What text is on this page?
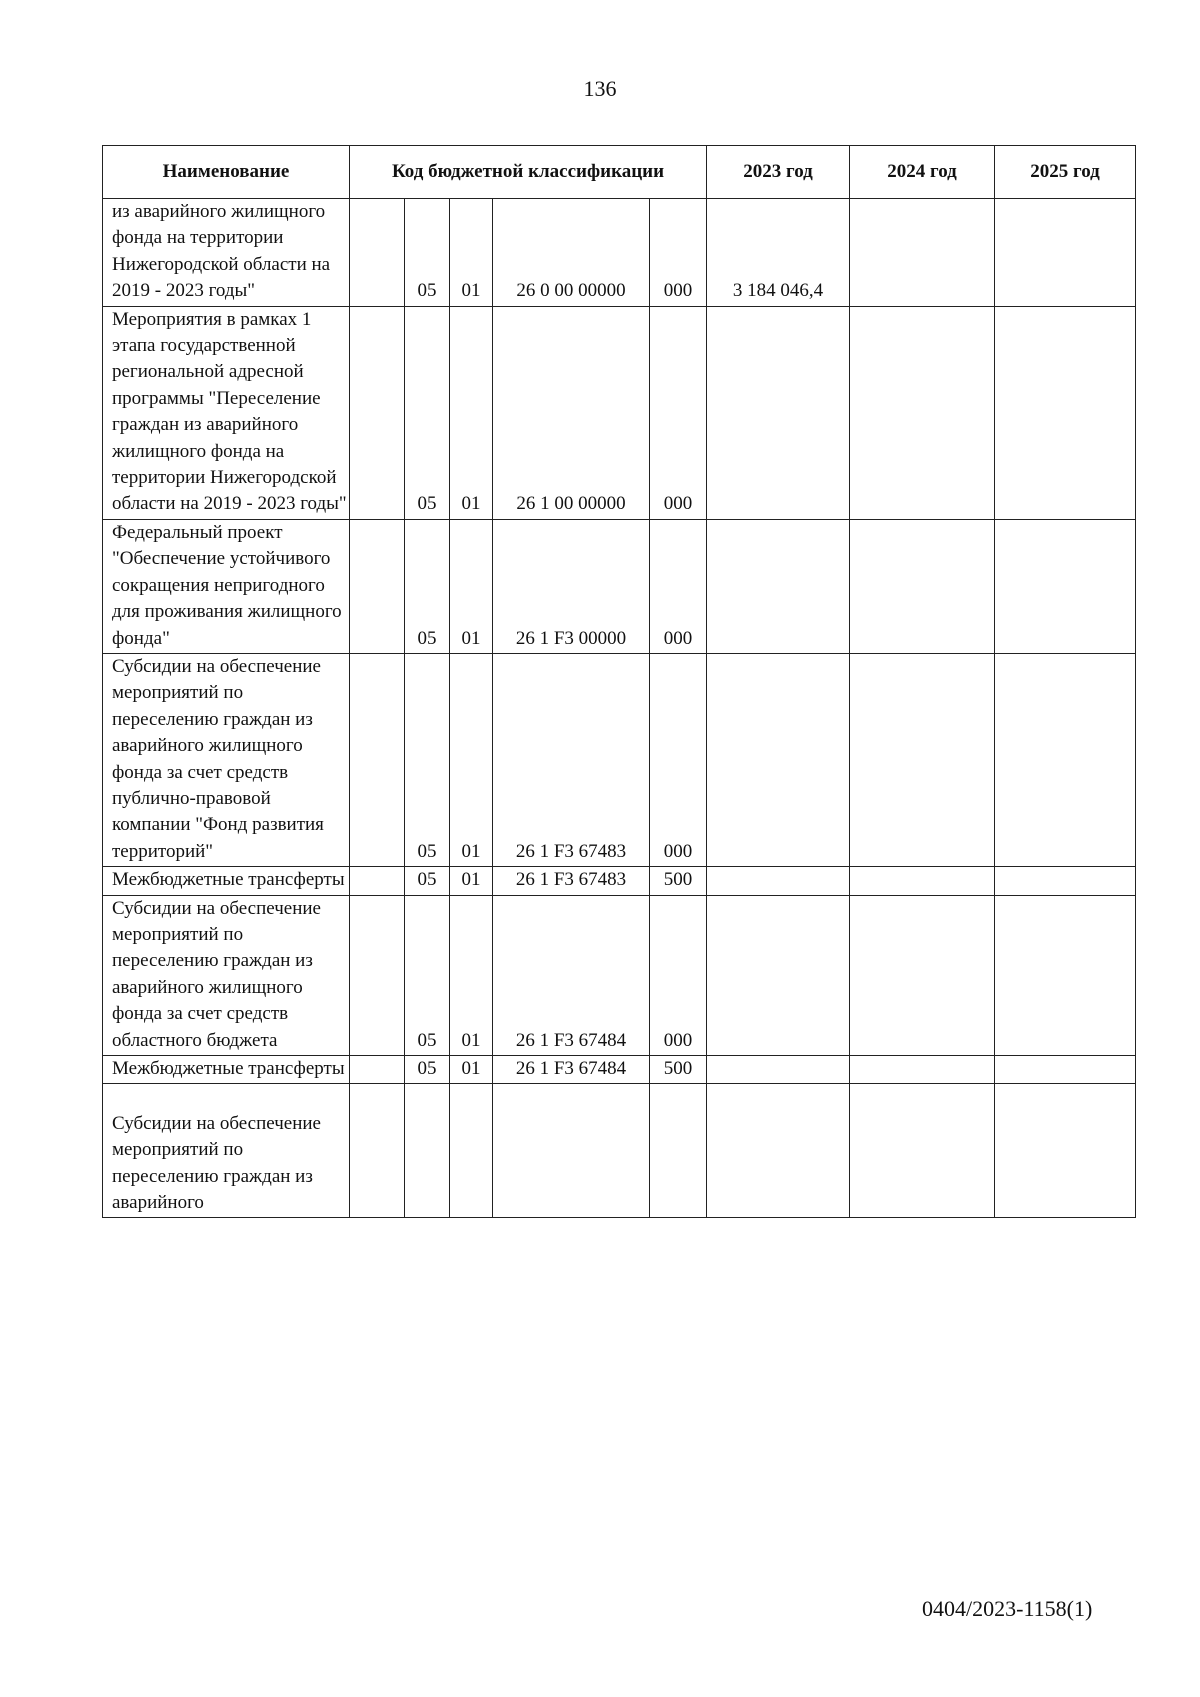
136
Наименование	Код бюджетной классификации					2023 год	2024 год	2025 год
из аварийного жилищного фонда на территории Нижегородской области на 2019 - 2023 годы"		05	01	26 0 00 00000	000	3 184 046,4		
Мероприятия в рамках 1 этапа государственной региональной адресной программы "Переселение граждан из аварийного жилищного фонда на территории Нижегородской области на 2019 - 2023 годы"		05	01	26 1 00 00000	000			
Федеральный проект "Обеспечение устойчивого сокращения непригодного для проживания жилищного фонда"		05	01	26 1 F3 00000	000			
Субсидии на обеспечение мероприятий по переселению граждан из аварийного жилищного фонда за счет средств публично-правовой компании "Фонд развития территорий"		05	01	26 1 F3 67483	000			
Межбюджетные трансферты		05	01	26 1 F3 67483	500			
Субсидии на обеспечение мероприятий по переселению граждан из аварийного жилищного фонда за счет средств областного бюджета		05	01	26 1 F3 67484	000			
Межбюджетные трансферты		05	01	26 1 F3 67484	500			
Субсидии на обеспечение мероприятий по переселению граждан из аварийного								
0404/2023-1158(1)
